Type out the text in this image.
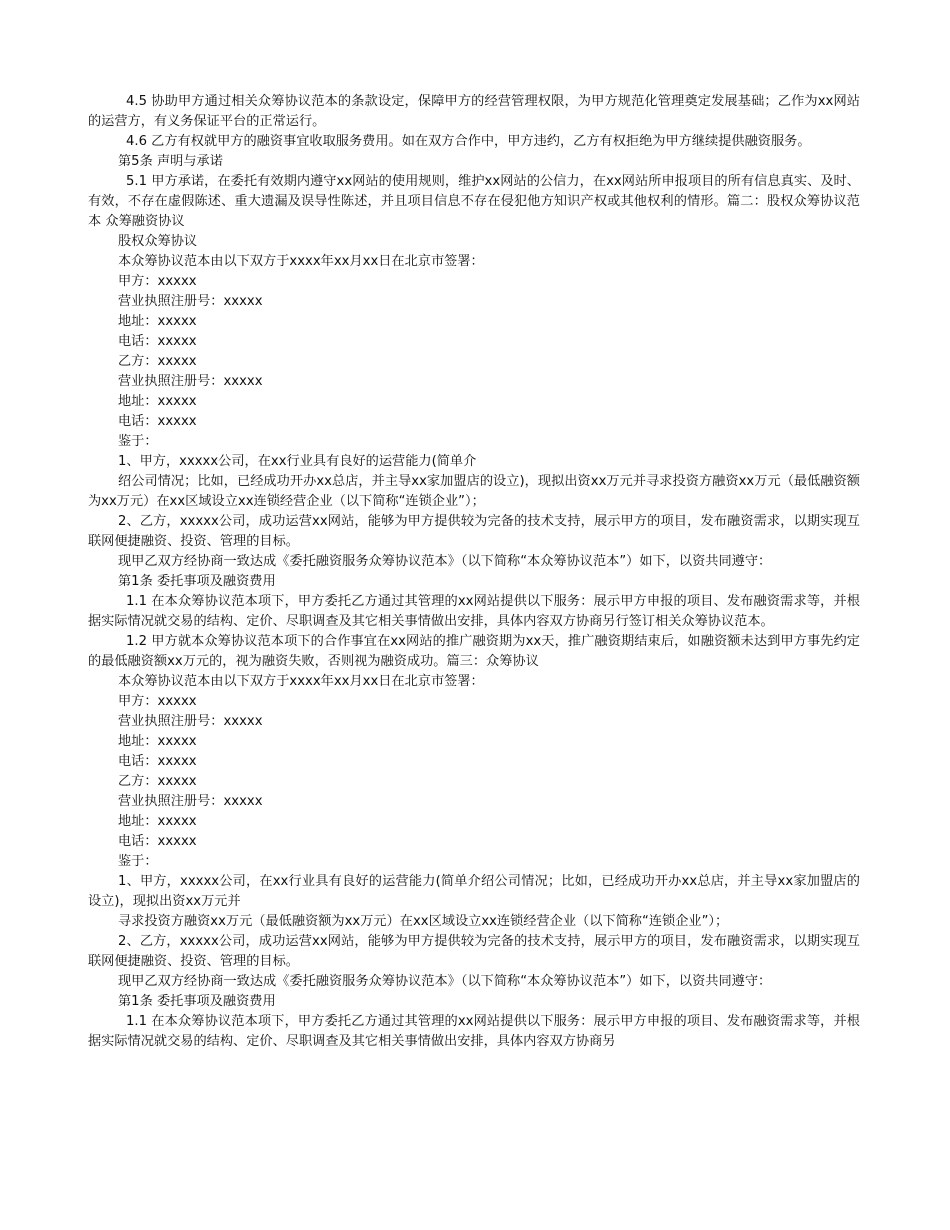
4.5 协助甲方通过相关众筹协议范本的条款设定，保障甲方的经营管理权限，为甲方规范化管理奠定发展基础；乙作为xx网站的运营方，有义务保证平台的正常运行。

4.6 乙方有权就甲方的融资事宜收取服务费用。如在双方合作中，甲方违约，乙方有权拒绝为甲方继续提供融资服务。

第5条 声明与承诺

5.1 甲方承诺，在委托有效期内遵守xx网站的使用规则，维护xx网站的公信力，在xx网站所申报项目的所有信息真实、及时、有效，不存在虚假陈述、重大遗漏及误导性陈述，并且项目信息不存在侵犯他方知识产权或其他权利的情形。篇二：股权众筹协议范本 众筹融资协议

股权众筹协议

本众筹协议范本由以下双方于xxxx年xx月xx日在北京市签署：

甲方：xxxxx

营业执照注册号：xxxxx

地址：xxxxx

电话：xxxxx

乙方：xxxxx

营业执照注册号：xxxxx

地址：xxxxx

电话：xxxxx

鉴于：

1、甲方，xxxxx公司，在xx行业具有良好的运营能力(简单介

绍公司情况；比如，已经成功开办xx总店，并主导xx家加盟店的设立)，现拟出资xx万元并寻求投资方融资xx万元（最低融资额为xx万元）在xx区域设立xx连锁经营企业（以下简称“连锁企业”）；

2、乙方，xxxxx公司，成功运营xx网站，能够为甲方提供较为完备的技术支持，展示甲方的项目，发布融资需求，以期实现互联网便捷融资、投资、管理的目标。

现甲乙双方经协商一致达成《委托融资服务众筹协议范本》（以下简称“本众筹协议范本”）如下，以资共同遵守：

第1条 委托事项及融资费用

1.1 在本众筹协议范本项下，甲方委托乙方通过其管理的xx网站提供以下服务：展示甲方申报的项目、发布融资需求等，并根据实际情况就交易的结构、定价、尽职调查及其它相关事情做出安排，具体内容双方协商另行签订相关众筹协议范本。

1.2 甲方就本众筹协议范本项下的合作事宜在xx网站的推广融资期为xx天，推广融资期结束后，如融资额未达到甲方事先约定的最低融资额xx万元的，视为融资失败，否则视为融资成功。篇三：众筹协议

本众筹协议范本由以下双方于xxxx年xx月xx日在北京市签署：

甲方：xxxxx

营业执照注册号：xxxxx

地址：xxxxx

电话：xxxxx

乙方：xxxxx

营业执照注册号：xxxxx

地址：xxxxx

电话：xxxxx

鉴于：

1、甲方，xxxxx公司，在xx行业具有良好的运营能力(简单介绍公司情况；比如，已经成功开办xx总店，并主导xx家加盟店的设立)，现拟出资xx万元并

寻求投资方融资xx万元（最低融资额为xx万元）在xx区域设立xx连锁经营企业（以下简称“连锁企业”）；

2、乙方，xxxxx公司，成功运营xx网站，能够为甲方提供较为完备的技术支持，展示甲方的项目，发布融资需求，以期实现互联网便捷融资、投资、管理的目标。

现甲乙双方经协商一致达成《委托融资服务众筹协议范本》（以下简称“本众筹协议范本”）如下，以资共同遵守：

第1条 委托事项及融资费用

1.1 在本众筹协议范本项下，甲方委托乙方通过其管理的xx网站提供以下服务：展示甲方申报的项目、发布融资需求等，并根据实际情况就交易的结构、定价、尽职调查及其它相关事情做出安排，具体内容双方协商另
